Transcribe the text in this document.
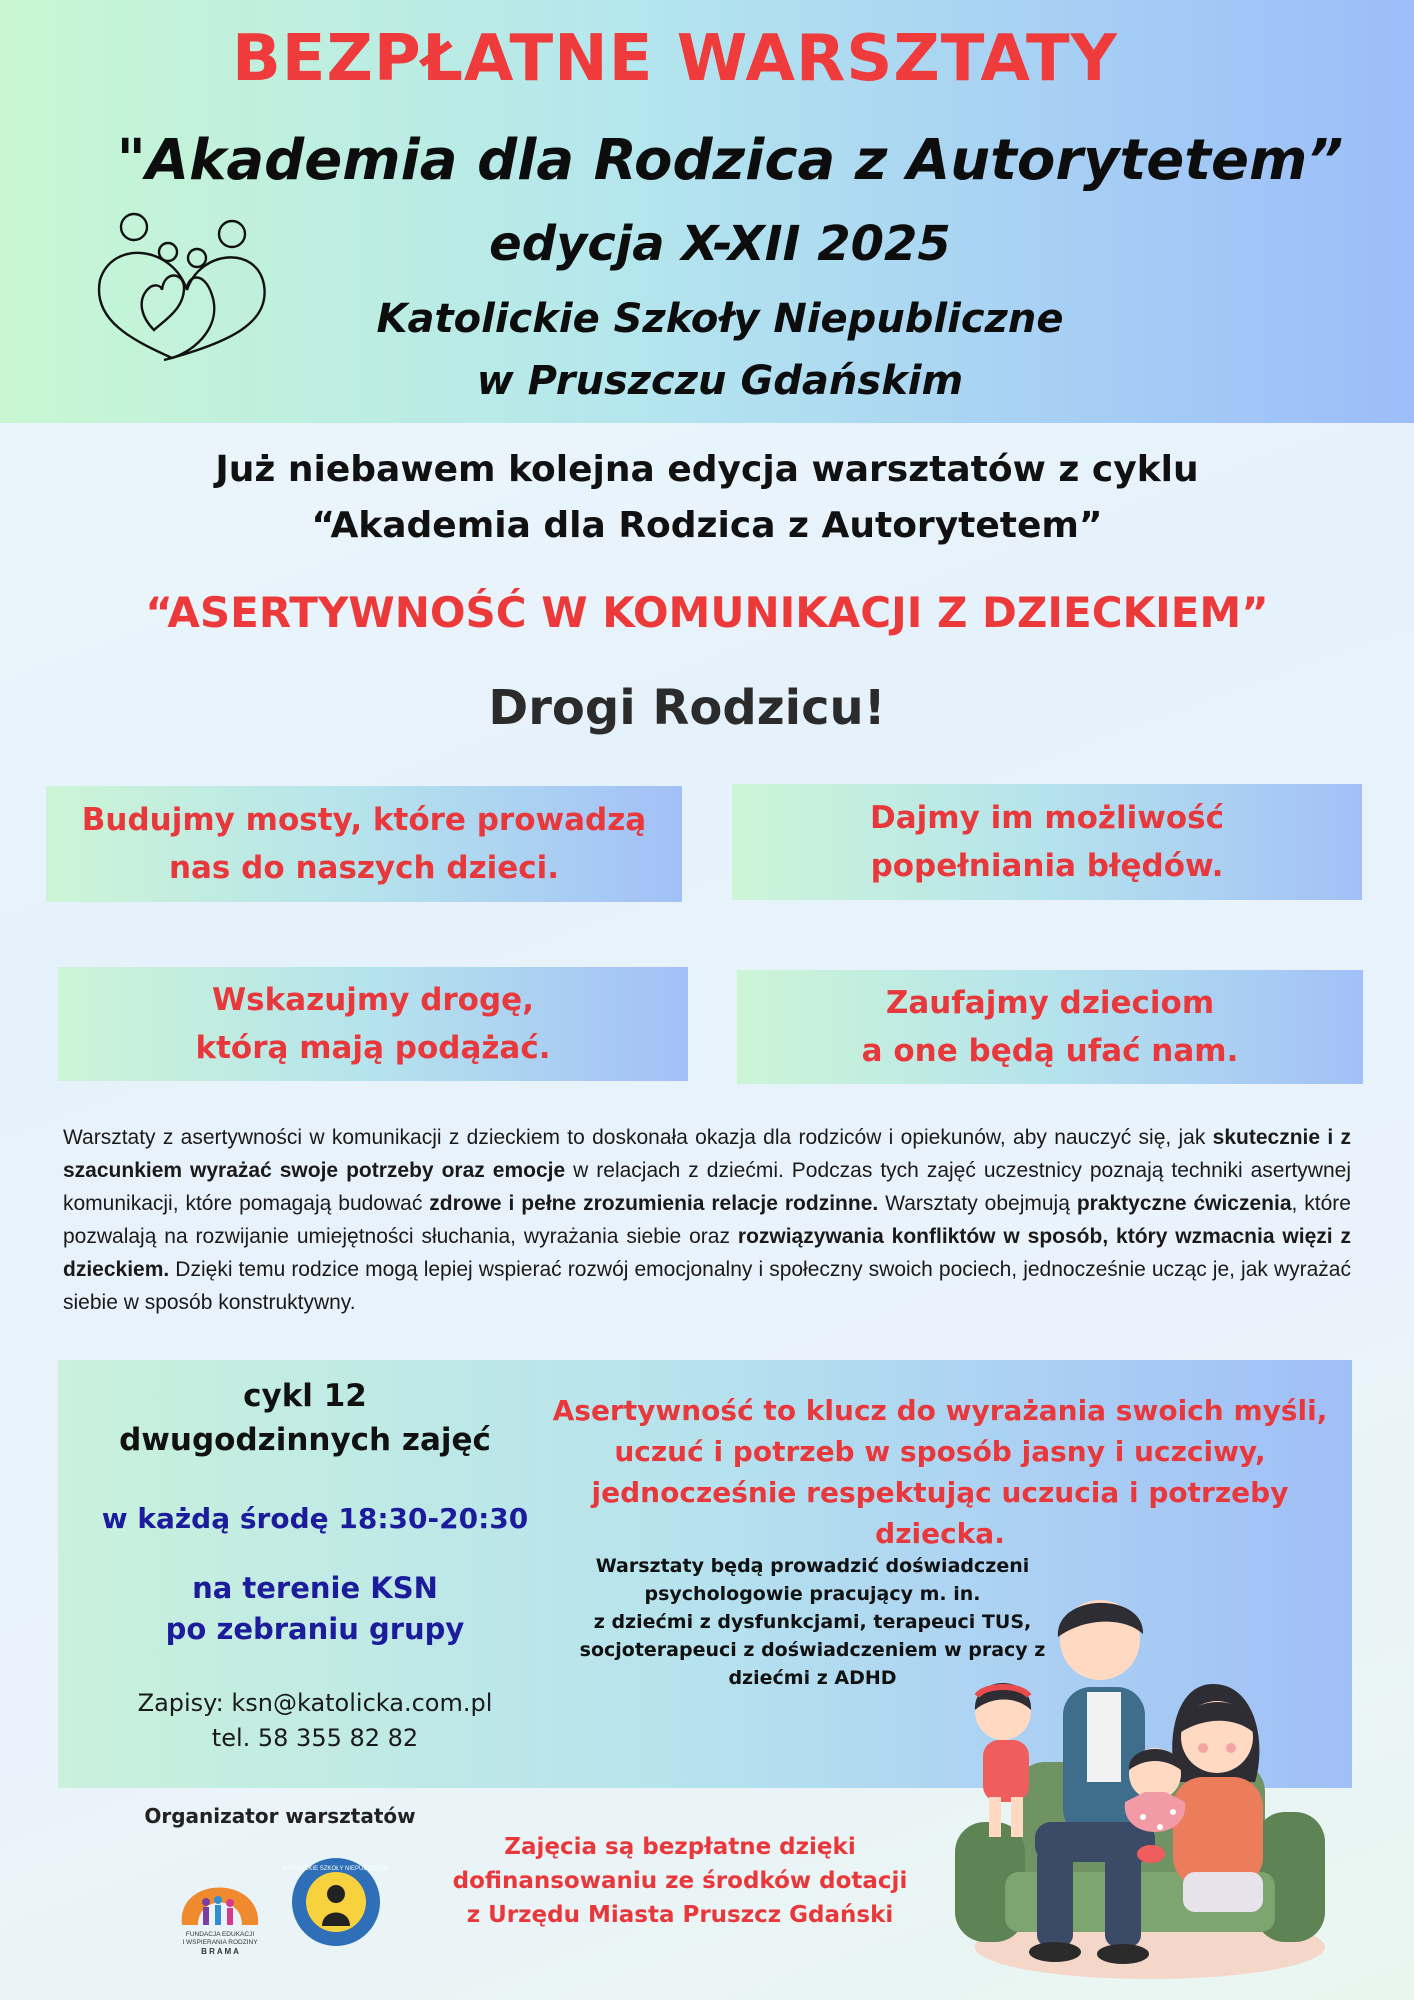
BEZPŁATNE WARSZTATY
"Akademia dla Rodzica z Autorytetem”
edycja X-XII 2025
Katolickie Szkoły Niepubliczne
w Pruszczu Gdańskim
Już niebawem kolejna edycja warsztatów z cyklu
“Akademia dla Rodzica z Autorytetem”
“ASERTYWNOŚĆ W KOMUNIKACJI Z DZIECKIEM”
Drogi Rodzicu!
Budujmy mosty, które prowadzą
nas do naszych dzieci.
Dajmy im możliwość
popełniania błędów.
Wskazujmy drogę,
którą mają podążać.
Zaufajmy dzieciom
a one będą ufać nam.
Warsztaty z asertywności w komunikacji z dzieckiem to doskonała okazja dla rodziców i opiekunów, aby nauczyć się, jak skutecznie i z szacunkiem wyrażać swoje potrzeby oraz emocje w relacjach z dziećmi. Podczas tych zajęć uczestnicy poznają techniki asertywnej komunikacji, które pomagają budować zdrowe i pełne zrozumienia relacje rodzinne. Warsztaty obejmują praktyczne ćwiczenia, które pozwalają na rozwijanie umiejętności słuchania, wyrażania siebie oraz rozwiązywania konfliktów w sposób, który wzmacnia więzi z dzieckiem. Dzięki temu rodzice mogą lepiej wspierać rozwój emocjonalny i społeczny swoich pociech, jednocześnie ucząc je, jak wyrażać siebie w sposób konstruktywny.
cykl 12
dwugodzinnych zajęć
w każdą środę 18:30-20:30
na terenie KSN
po zebraniu grupy
Zapisy: ksn@katolicka.com.pl
tel. 58 355 82 82
Asertywność to klucz do wyrażania swoich myśli,
uczuć i potrzeb w sposób jasny i uczciwy,
jednocześnie respektując uczucia i potrzeby dziecka.
Warsztaty będą prowadzić doświadczeni
psychologowie pracujący m. in.
z dziećmi z dysfunkcjami, terapeuci TUS,
socjoterapeuci z doświadczeniem w pracy z
dziećmi z ADHD
Organizator warsztatów
FUNDACJA EDUKACJI
I WSPIERANIA RODZINY
B R A M A
KATOLICKIE SZKOŁY NIEPUBLICZNE
Zajęcia są bezpłatne dzięki
dofinansowaniu ze środków dotacji
z Urzędu Miasta Pruszcz Gdański
